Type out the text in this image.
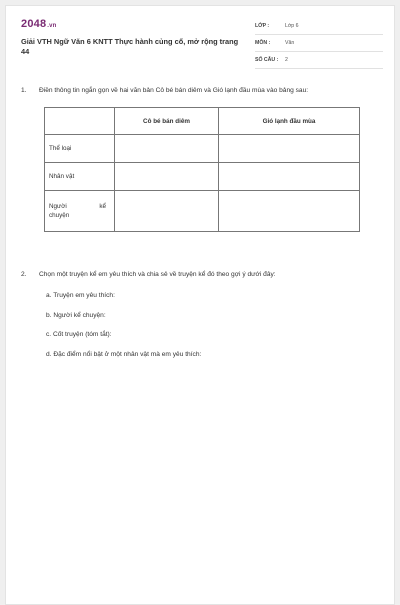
2048.vn
Giải VTH Ngữ Văn 6 KNTT Thực hành củng cố, mở rộng trang 44
LỚP :	Lớp 6
MÔN :	Văn
SỐ CÂU :	2
1. Điền thông tin ngắn gọn về hai văn bản Cô bé bán diêm và Gió lạnh đầu mùa vào bảng sau:
	Cô bé bán diêm	Gió lạnh đầu mùa
Thể loại		
Nhân vật		

Người kể
chuyện		

2. Chọn một truyện kể em yêu thích và chia sẻ về truyện kể đó theo gợi ý dưới đây:
a. Truyện em yêu thích:
b. Người kể chuyện:
c. Cốt truyện (tóm tắt):
d. Đặc điểm nổi bật ở một nhân vật mà em yêu thích:
